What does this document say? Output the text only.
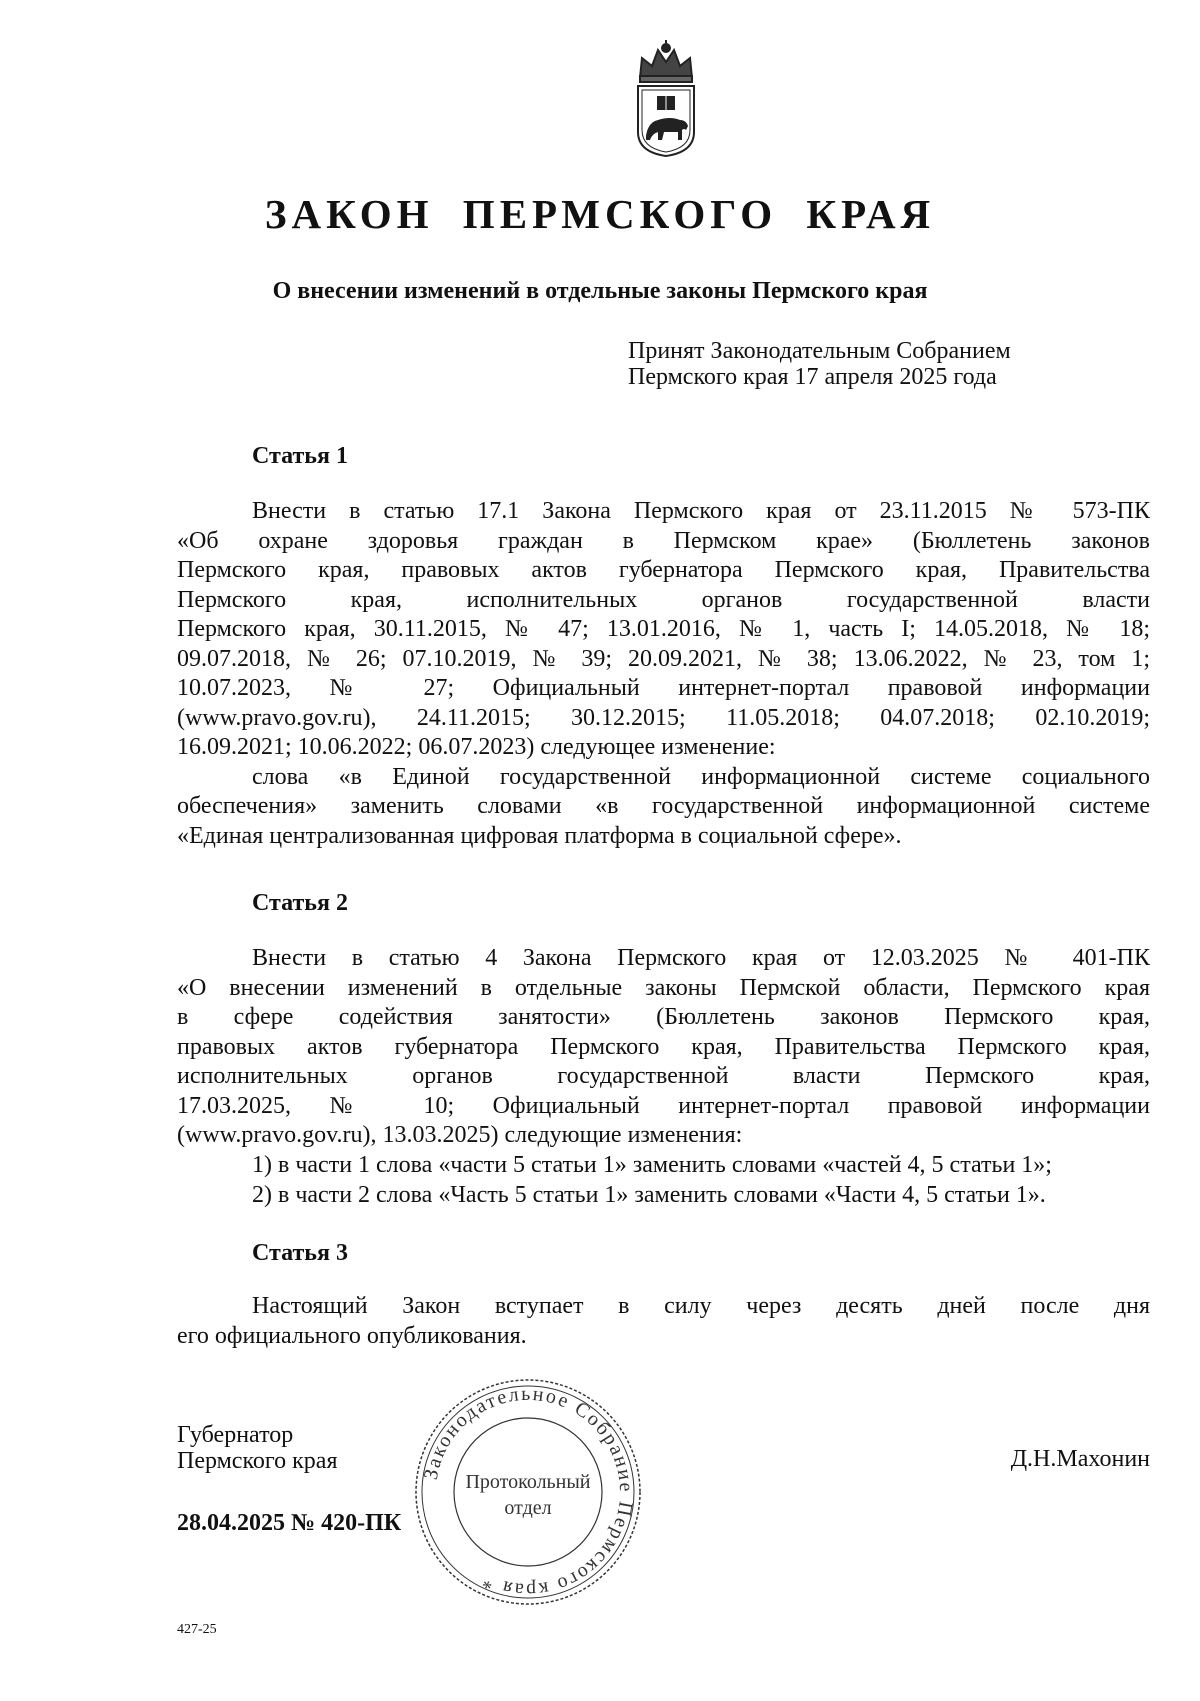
ЗАКОН ПЕРМСКОГО КРАЯ
О внесении изменений в отдельные законы Пермского края
Принят Законодательным Собранием
Пермского края 17 апреля 2025 года
Статья 1
Внести в статью 17.1 Закона Пермского края от 23.11.2015 № 573-ПК
«Об охране здоровья граждан в Пермском крае» (Бюллетень законов
Пермского края, правовых актов губернатора Пермского края, Правительства
Пермского края, исполнительных органов государственной власти
Пермского края, 30.11.2015, № 47; 13.01.2016, № 1, часть I; 14.05.2018, № 18;
09.07.2018, № 26; 07.10.2019, № 39; 20.09.2021, № 38; 13.06.2022, № 23, том 1;
10.07.2023, № 27; Официальный интернет-портал правовой информации
(www.pravo.gov.ru), 24.11.2015; 30.12.2015; 11.05.2018; 04.07.2018; 02.10.2019;
16.09.2021; 10.06.2022; 06.07.2023) следующее изменение:
слова «в Единой государственной информационной системе социального
обеспечения» заменить словами «в государственной информационной системе
«Единая централизованная цифровая платформа в социальной сфере».
Статья 2
Внести в статью 4 Закона Пермского края от 12.03.2025 № 401-ПК
«О внесении изменений в отдельные законы Пермской области, Пермского края
в сфере содействия занятости» (Бюллетень законов Пермского края,
правовых актов губернатора Пермского края, Правительства Пермского края,
исполнительных органов государственной власти Пермского края,
17.03.2025, № 10; Официальный интернет-портал правовой информации
(www.pravo.gov.ru), 13.03.2025) следующие изменения:
1) в части 1 слова «части 5 статьи 1» заменить словами «частей 4, 5 статьи 1»;
2) в части 2 слова «Часть 5 статьи 1» заменить словами «Части 4, 5 статьи 1».
Статья 3
Настоящий Закон вступает в силу через десять дней после дня
его официального опубликования.
Губернатор
Пермского края	Д.Н.Махонин
28.04.2025 № 420-ПК
Законодательное Собрание Пермского края *
Протокольный
отдел
427-25
